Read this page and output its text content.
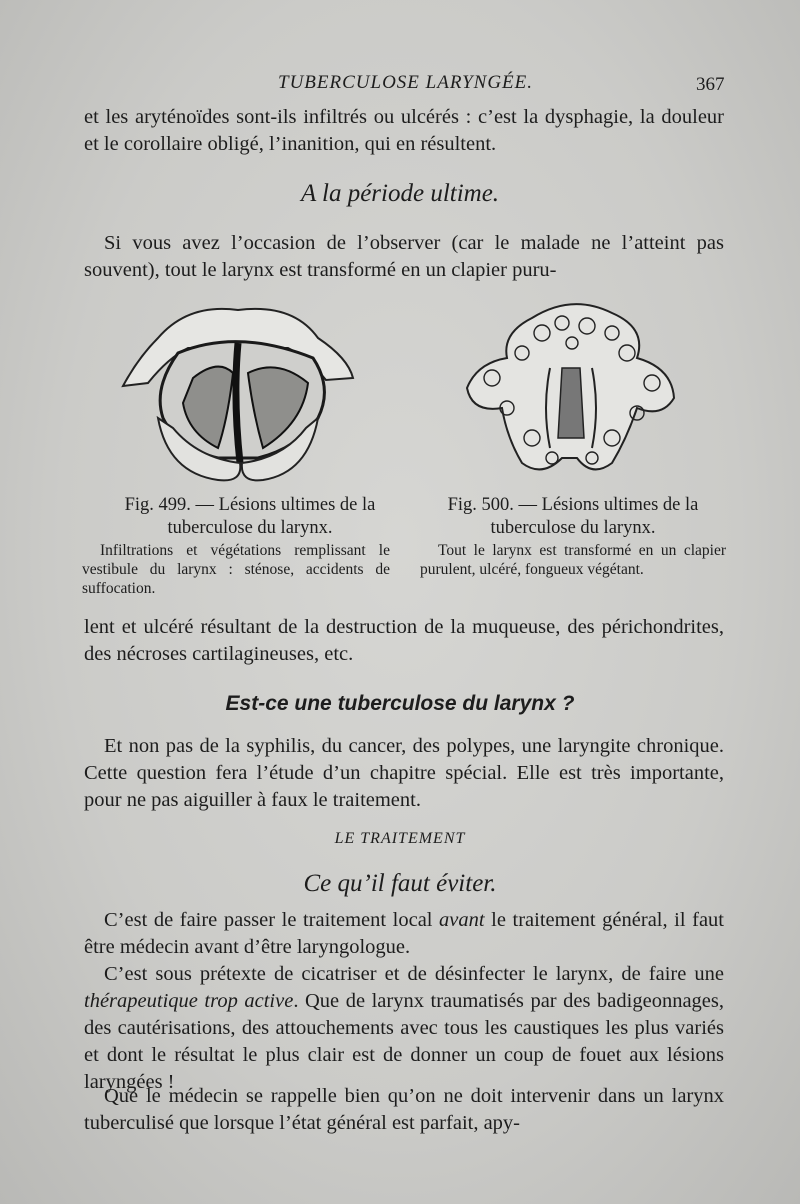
TUBERCULOSE LARYNGÉE.	367

et les aryténoïdes sont-ils infiltrés ou ulcérés : c’est la dysphagie, la douleur et le corollaire obligé, l’inanition, qui en résultent.

A la période ultime.

Si vous avez l’occasion de l’observer (car le malade ne l’atteint pas souvent), tout le larynx est transformé en un clapier puru-

Fig. 499. — Lésions ultimes de la tuberculose du larynx.
Fig. 500. — Lésions ultimes de la tuberculose du larynx.
Infiltrations et végétations remplissant le vestibule du larynx : sténose, accidents de suffocation.
Tout le larynx est transformé en un clapier purulent, ulcéré, fongueux végétant.

lent et ulcéré résultant de la destruction de la muqueuse, des périchondrites, des nécroses cartilagineuses, etc.

Est-ce une tuberculose du larynx ?

Et non pas de la syphilis, du cancer, des polypes, une laryngite chronique. Cette question fera l’étude d’un chapitre spécial. Elle est très importante, pour ne pas aiguiller à faux le traitement.

LE TRAITEMENT

Ce qu’il faut éviter.

C’est de faire passer le traitement local avant le traitement général, il faut être médecin avant d’être laryngologue.

C’est sous prétexte de cicatriser et de désinfecter le larynx, de faire une thérapeutique trop active. Que de larynx traumatisés par des badigeonnages, des cautérisations, des attouchements avec tous les caustiques les plus variés et dont le résultat le plus clair est de donner un coup de fouet aux lésions laryngées !

Que le médecin se rappelle bien qu’on ne doit intervenir dans un larynx tuberculisé que lorsque l’état général est parfait, apy-
